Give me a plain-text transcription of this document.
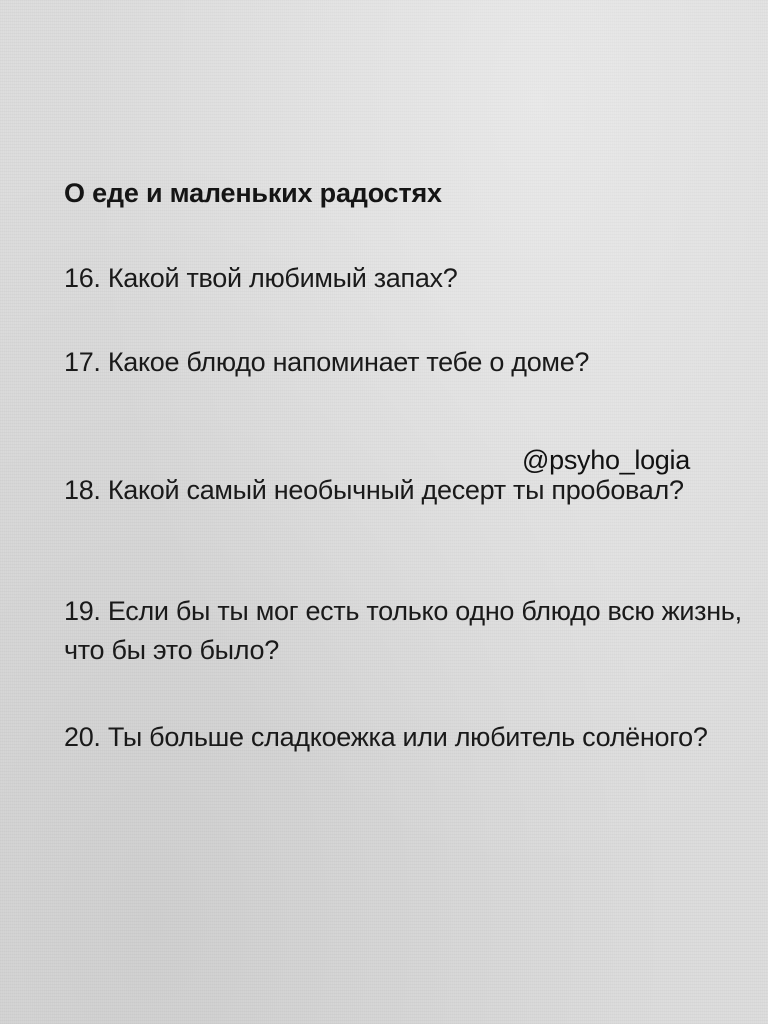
О еде и маленьких радостях
16. Какой твой любимый запах?
17. Какое блюдо напоминает тебе о доме?
18. Какой самый необычный десерт ты пробовал?
19. Если бы ты мог есть только одно блюдо всю жизнь, что бы это было?
20. Ты больше сладкоежка или любитель солёного?
@psyho_logia
